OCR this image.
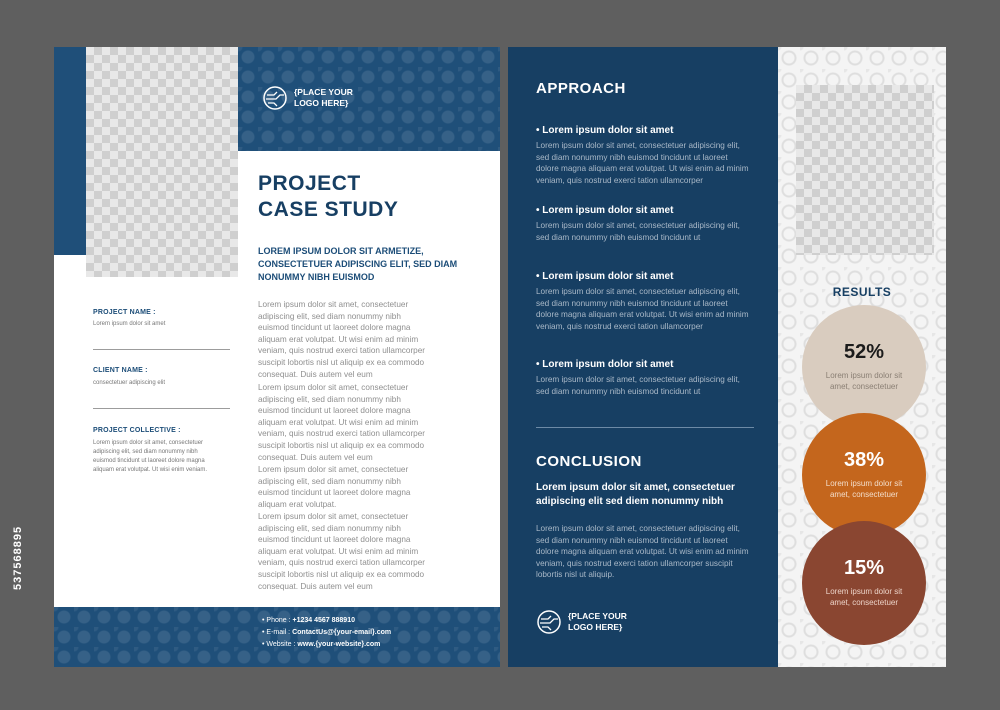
{PLACE YOUR
LOGO HERE}
PROJECT
CASE STUDY
LOREM IPSUM DOLOR SIT ARMETIZE, CONSECTETUER ADIPISCING ELIT, SED DIAM NONUMMY NIBH EUISMOD
Lorem ipsum dolor sit amet, consectetuer adipiscing elit, sed diam nonummy nibh euismod tincidunt ut laoreet dolore magna aliquam erat volutpat. Ut wisi enim ad minim veniam, quis nostrud exerci tation ullamcorper suscipit lobortis nisl ut aliquip ex ea commodo consequat. Duis autem vel eum
Lorem ipsum dolor sit amet, consectetuer adipiscing elit, sed diam nonummy nibh euismod tincidunt ut laoreet dolore magna aliquam erat volutpat. Ut wisi enim ad minim veniam, quis nostrud exerci tation ullamcorper suscipit lobortis nisl ut aliquip ex ea commodo consequat. Duis autem vel eum
Lorem ipsum dolor sit amet, consectetuer adipiscing elit, sed diam nonummy nibh euismod tincidunt ut laoreet dolore magna aliquam erat volutpat.
Lorem ipsum dolor sit amet, consectetuer adipiscing elit, sed diam nonummy nibh euismod tincidunt ut laoreet dolore magna aliquam erat volutpat. Ut wisi enim ad minim veniam, quis nostrud exerci tation ullamcorper suscipit lobortis nisl ut aliquip ex ea commodo consequat. Duis autem vel eum
PROJECT NAME :
Lorem ipsum dolor sit amet
CLIENT NAME :
consectetuer adipiscing elit
PROJECT COLLECTIVE :
Lorem ipsum dolor sit amet, consectetuer adipiscing elit, sed diam nonummy nibh euismod tincidunt ut laoreet dolore magna aliquam erat volutpat. Ut wisi enim veniam.
• Phone : +1234 4567 888910
• E-mail : ContactUs@{your-email}.com
• Website : www.{your-website}.com
APPROACH
• Lorem ipsum dolor sit amet
Lorem ipsum dolor sit amet, consectetuer adipiscing elit, sed diam nonummy nibh euismod tincidunt ut laoreet dolore magna aliquam erat volutpat. Ut wisi enim ad minim veniam, quis nostrud exerci tation ullamcorper
• Lorem ipsum dolor sit amet
Lorem ipsum dolor sit amet, consectetuer adipiscing elit, sed diam nonummy nibh euismod tincidunt ut
• Lorem ipsum dolor sit amet
Lorem ipsum dolor sit amet, consectetuer adipiscing elit, sed diam nonummy nibh euismod tincidunt ut laoreet dolore magna aliquam erat volutpat. Ut wisi enim ad minim veniam, quis nostrud exerci tation ullamcorper
• Lorem ipsum dolor sit amet
Lorem ipsum dolor sit amet, consectetuer adipiscing elit, sed diam nonummy nibh euismod tincidunt ut
CONCLUSION
Lorem ipsum dolor sit amet, consectetuer adipiscing elit sed diem nonummy nibh
Lorem ipsum dolor sit amet, consectetuer adipiscing elit, sed diam nonummy nibh euismod tincidunt ut laoreet dolore magna aliquam erat volutpat. Ut wisi enim ad minim veniam, quis nostrud exerci tation ullamcorper suscipit lobortis nisl ut aliquip.
{PLACE YOUR
LOGO HERE}
RESULTS
52%
Lorem ipsum dolor sit amet, consectetuer
38%
Lorem ipsum dolor sit amet, consectetuer
15%
Lorem ipsum dolor sit amet, consectetuer
537568895
